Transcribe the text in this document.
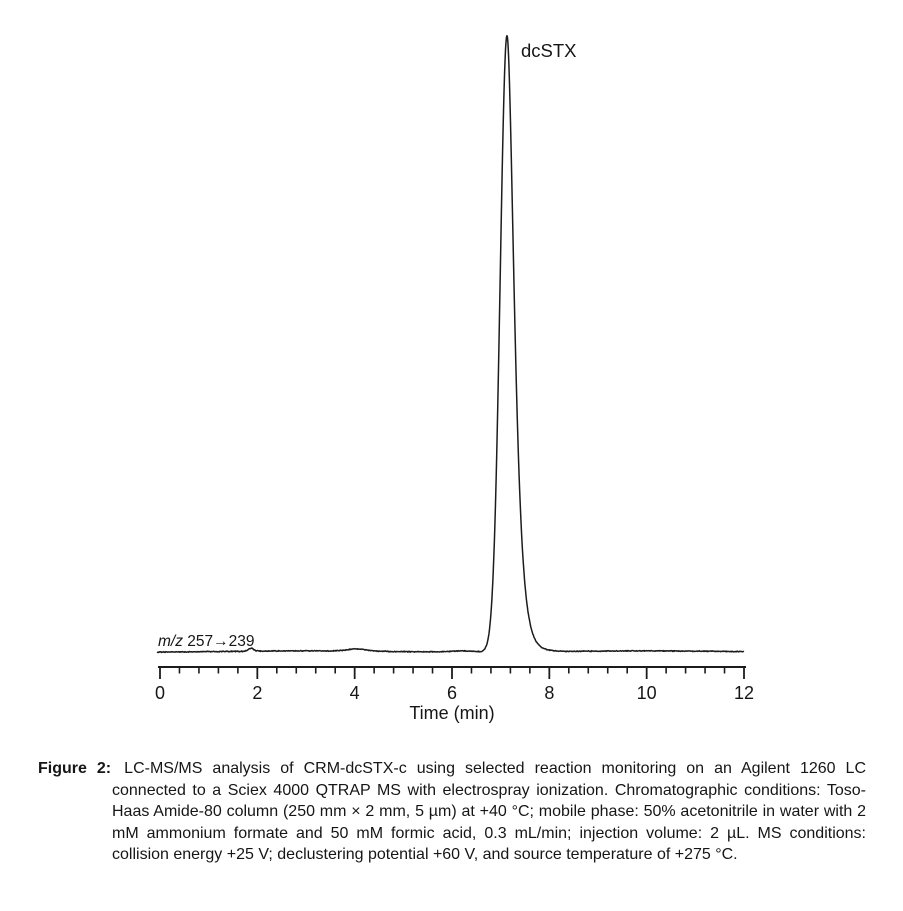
0	2	4	6	8	10	12
dcSTX
m/z 257→239
Time (min)
Figure 2: LC-MS/MS analysis of CRM-dcSTX-c using selected reaction monitoring on an Agilent 1260 LC connected to a Sciex 4000 QTRAP MS with electrospray ionization. Chromatographic conditions: Toso-Haas Amide-80 column (250 mm × 2 mm, 5 µm) at +40 °C; mobile phase: 50% acetonitrile in water with 2 mM ammonium formate and 50 mM formic acid, 0.3 mL/min; injection volume: 2 µL. MS conditions: collision energy +25 V; declustering potential +60 V, and source temperature of +275 °C.
